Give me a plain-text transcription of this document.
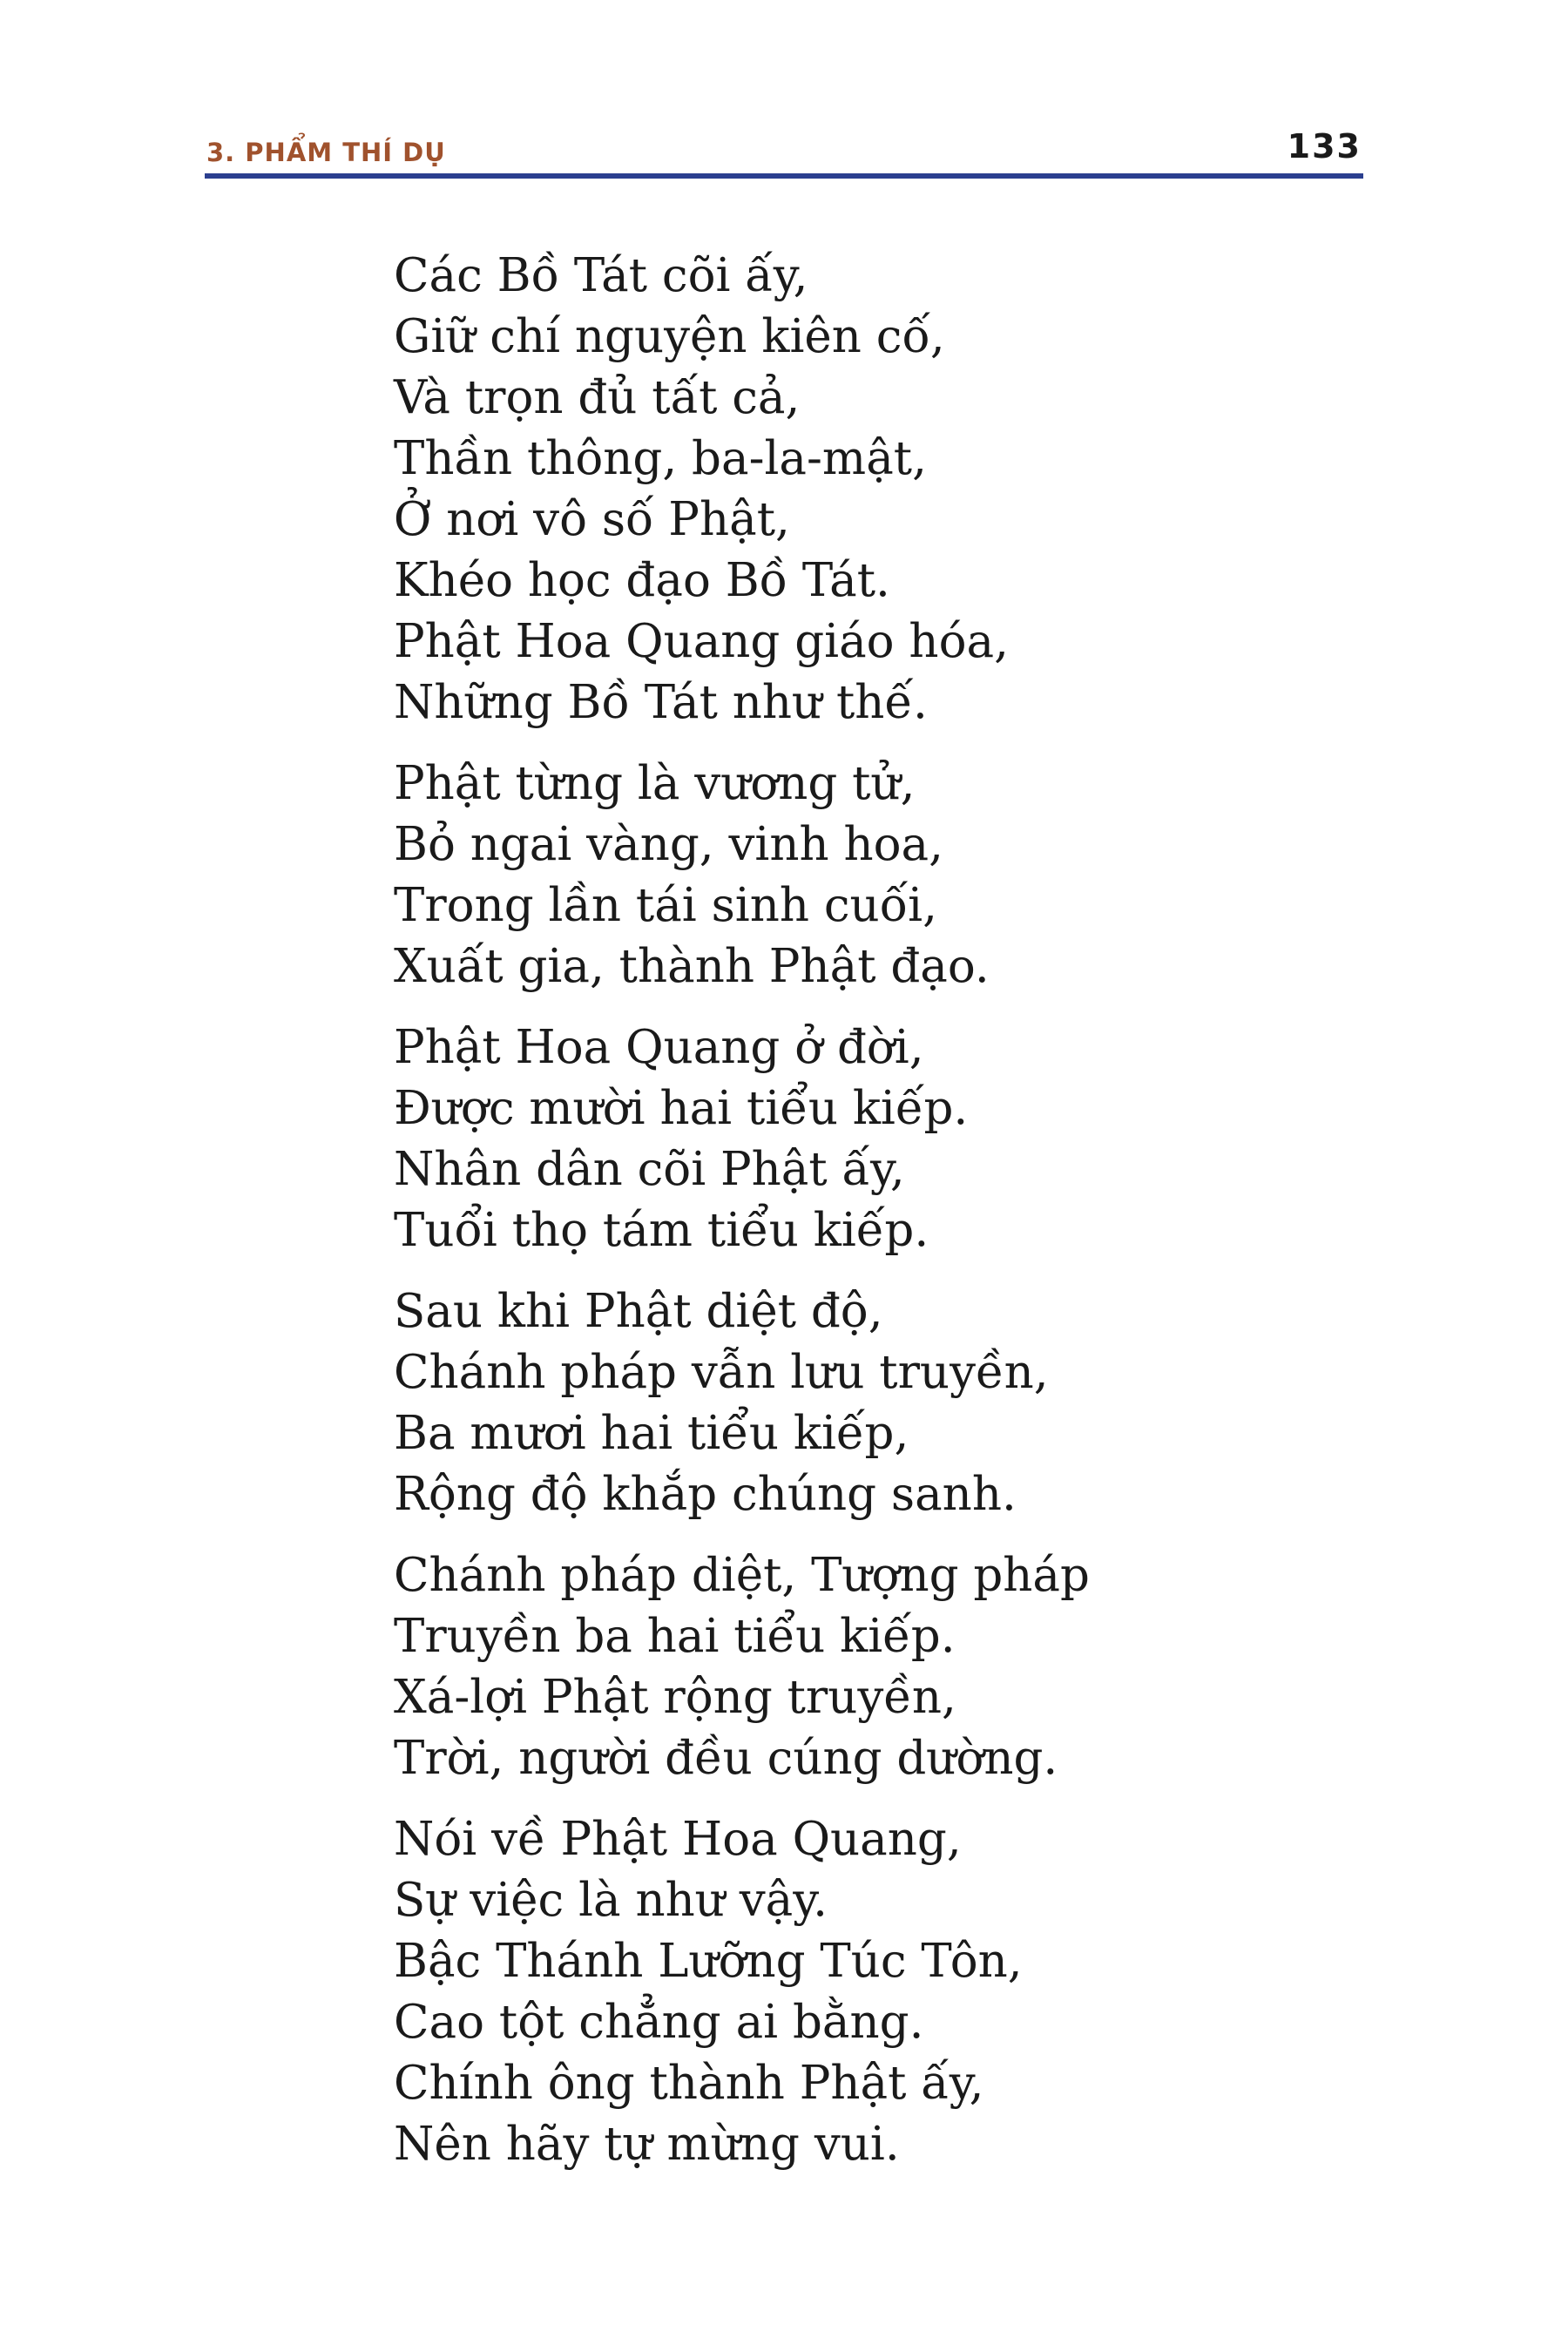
3. PHẨM THÍ DỤ	133
Các Bồ Tát cõi ấy,
Giữ chí nguyện kiên cố,
Và trọn đủ tất cả,
Thần thông, ba-la-mật,
Ở nơi vô số Phật,
Khéo học đạo Bồ Tát.
Phật Hoa Quang giáo hóa,
Những Bồ Tát như thế.
Phật từng là vương tử,
Bỏ ngai vàng, vinh hoa,
Trong lần tái sinh cuối,
Xuất gia, thành Phật đạo.
Phật Hoa Quang ở đời,
Được mười hai tiểu kiếp.
Nhân dân cõi Phật ấy,
Tuổi thọ tám tiểu kiếp.
Sau khi Phật diệt độ,
Chánh pháp vẫn lưu truyền,
Ba mươi hai tiểu kiếp,
Rộng độ khắp chúng sanh.
Chánh pháp diệt, Tượng pháp
Truyền ba hai tiểu kiếp.
Xá-lợi Phật rộng truyền,
Trời, người đều cúng dường.
Nói về Phật Hoa Quang,
Sự việc là như vậy.
Bậc Thánh Lưỡng Túc Tôn,
Cao tột chẳng ai bằng.
Chính ông thành Phật ấy,
Nên hãy tự mừng vui.
